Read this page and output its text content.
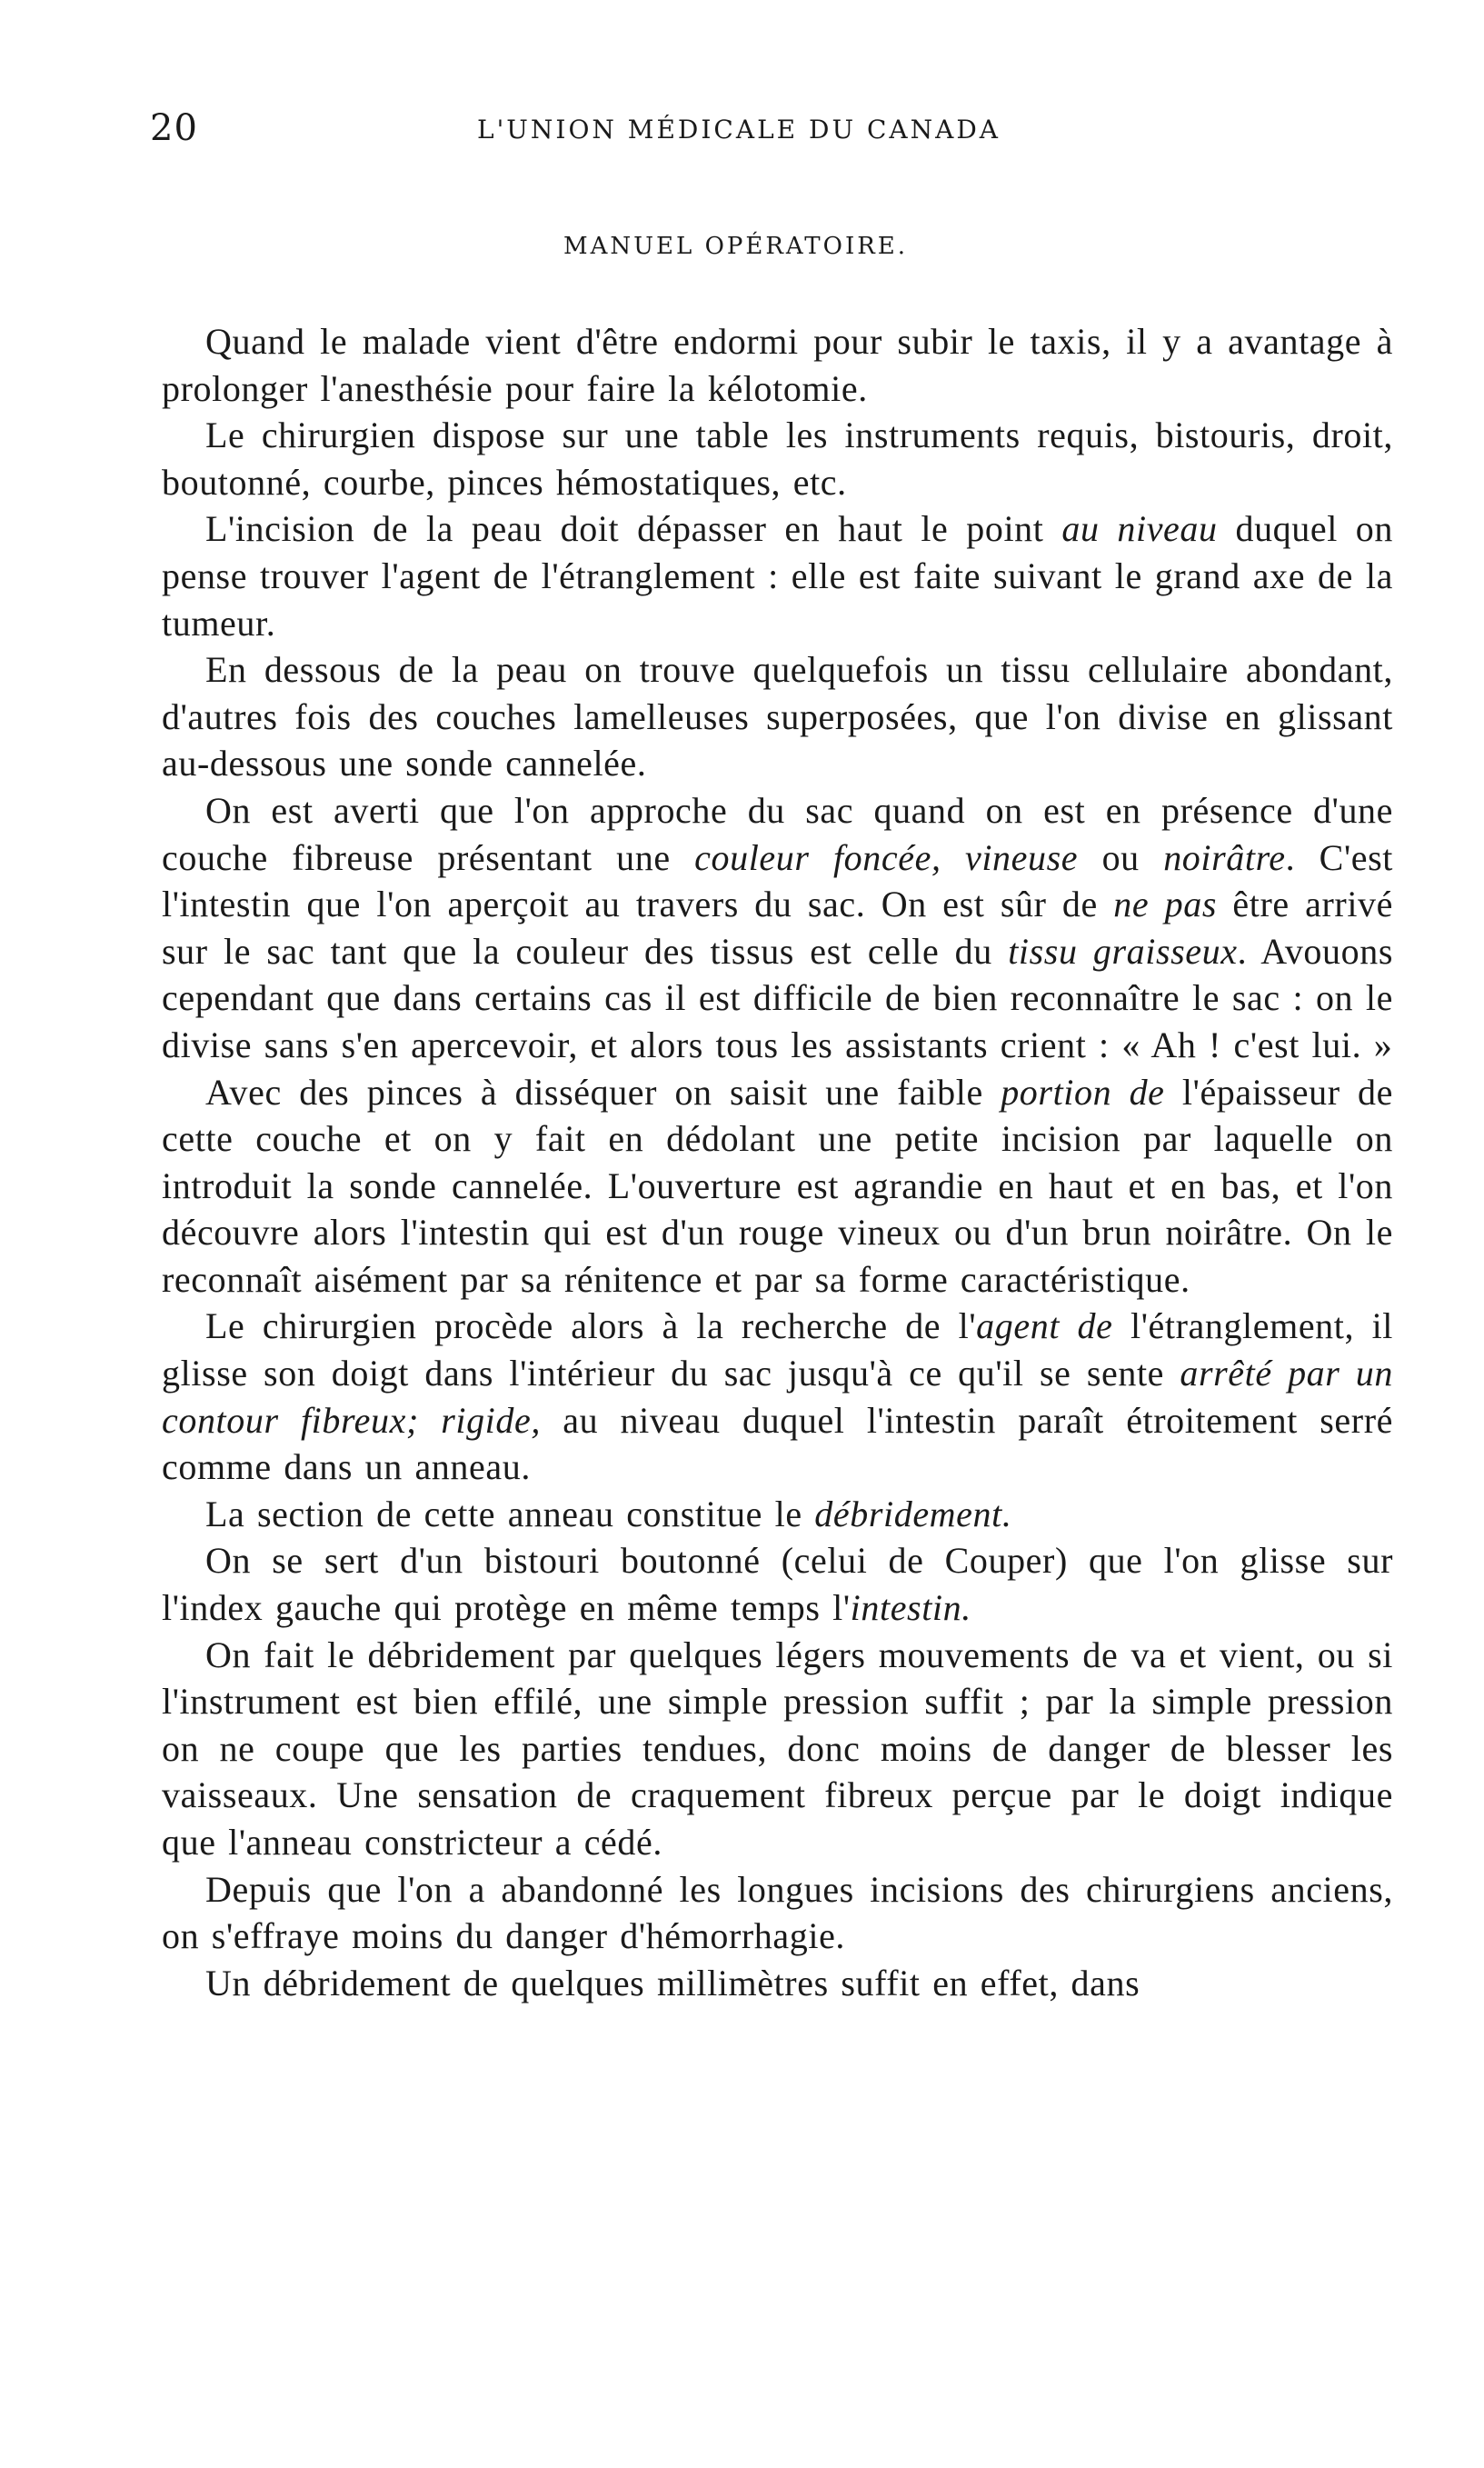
20	L'UNION MÉDICALE DU CANADA
MANUEL OPÉRATOIRE.

Quand le malade vient d'être endormi pour subir le taxis, il y a avantage à prolonger l'anesthésie pour faire la kélotomie.

Le chirurgien dispose sur une table les instruments requis, bistouris, droit, boutonné, courbe, pinces hémostatiques, etc.

L'incision de la peau doit dépasser en haut le point au niveau duquel on pense trouver l'agent de l'étranglement : elle est faite suivant le grand axe de la tumeur.

En dessous de la peau on trouve quelquefois un tissu cellulaire abondant, d'autres fois des couches lamelleuses superposées, que l'on divise en glissant au-dessous une sonde cannelée.

On est averti que l'on approche du sac quand on est en présence d'une couche fibreuse présentant une couleur foncée, vineuse ou noirâtre. C'est l'intestin que l'on aperçoit au travers du sac. On est sûr de ne pas être arrivé sur le sac tant que la couleur des tissus est celle du tissu graisseux. Avouons cependant que dans certains cas il est difficile de bien reconnaître le sac : on le divise sans s'en apercevoir, et alors tous les assistants crient : « Ah ! c'est lui. »

Avec des pinces à disséquer on saisit une faible portion de l'épaisseur de cette couche et on y fait en dédolant une petite incision par laquelle on introduit la sonde cannelée. L'ouverture est agrandie en haut et en bas, et l'on découvre alors l'intestin qui est d'un rouge vineux ou d'un brun noirâtre. On le reconnaît aisément par sa rénitence et par sa forme caractéristique.

Le chirurgien procède alors à la recherche de l'agent de l'étranglement, il glisse son doigt dans l'intérieur du sac jusqu'à ce qu'il se sente arrêté par un contour fibreux; rigide, au niveau duquel l'intestin paraît étroitement serré comme dans un anneau.

La section de cette anneau constitue le débridement.

On se sert d'un bistouri boutonné (celui de Couper) que l'on glisse sur l'index gauche qui protège en même temps l'intestin.

On fait le débridement par quelques légers mouvements de va et vient, ou si l'instrument est bien effilé, une simple pression suffit ; par la simple pression on ne coupe que les parties tendues, donc moins de danger de blesser les vaisseaux. Une sensation de craquement fibreux perçue par le doigt indique que l'anneau constricteur a cédé.

Depuis que l'on a abandonné les longues incisions des chirurgiens anciens, on s'effraye moins du danger d'hémorrhagie.

Un débridement de quelques millimètres suffit en effet, dans
